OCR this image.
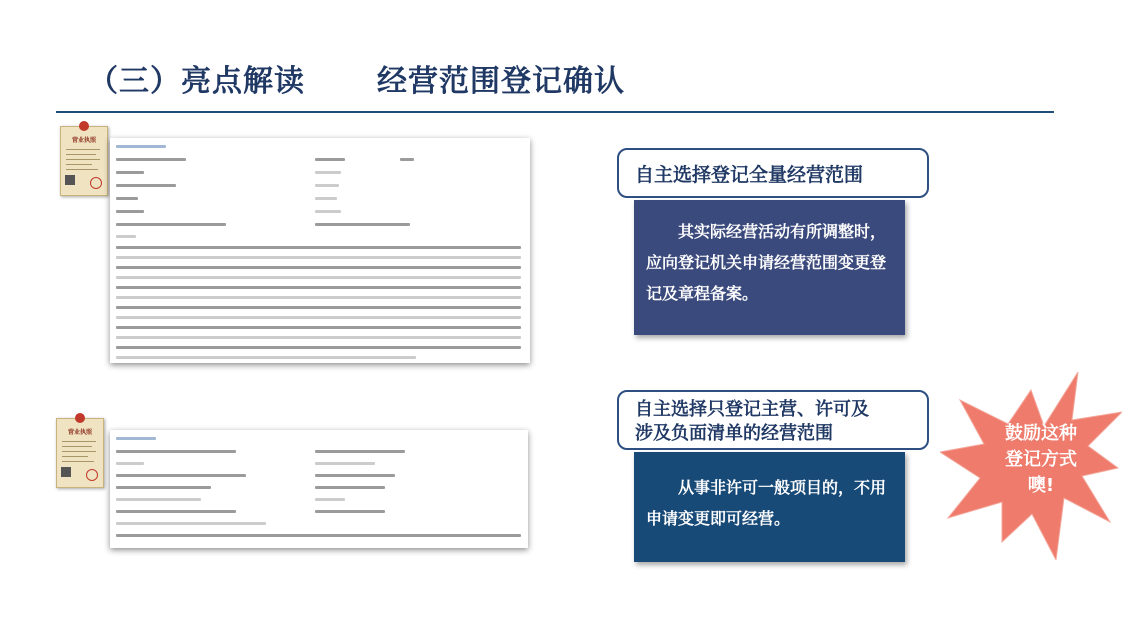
（三）亮点解读 经营范围登记确认
营业执照
营业执照
自主选择登记全量经营范围
其实际经营活动有所调整时，应向登记机关申请经营范围变更登记及章程备案。
自主选择只登记主营、许可及
涉及负面清单的经营范围
从事非许可一般项目的，不用申请变更即可经营。
鼓励这种
登记方式
噢!
